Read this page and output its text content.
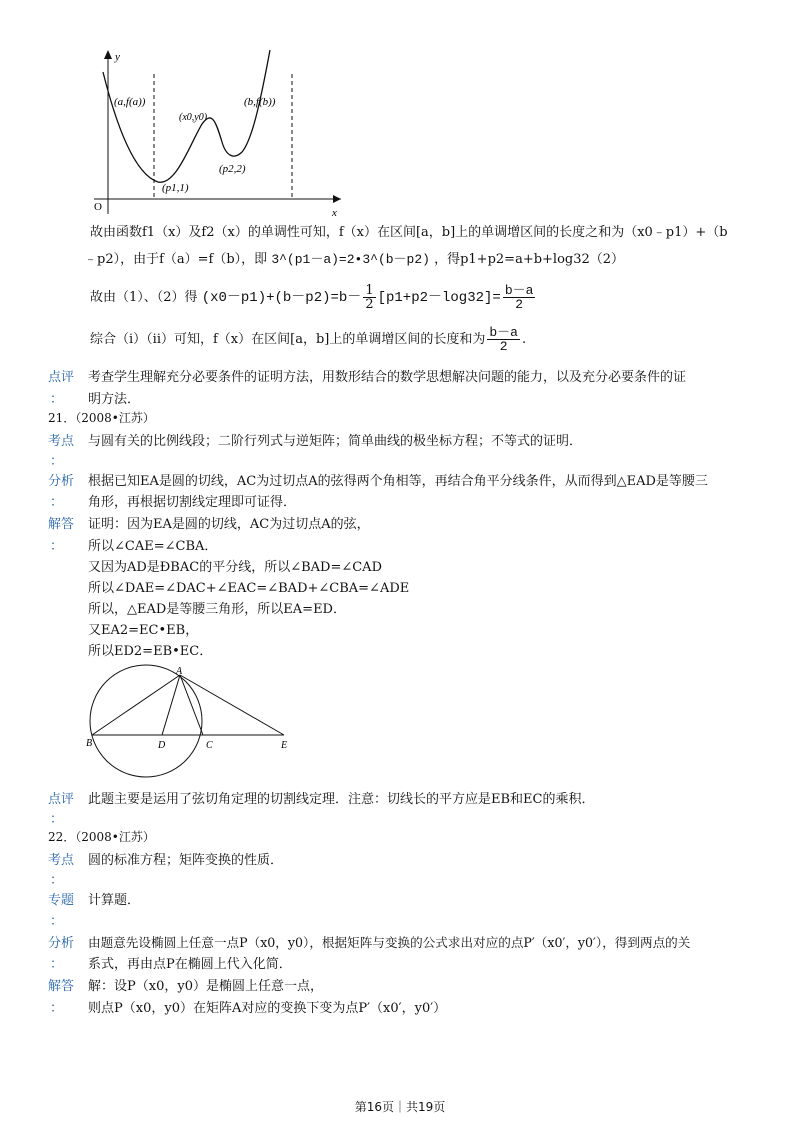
y
x
O
(a,f(a))
(x0,y0)
(b,f(b))
(p1,1)
(p2,2)
故由函数f1（x）及f2（x）的单调性可知，f（x）在区间[a，b]上的单调增区间的长度之和为（x0﹣p1）+（b
﹣p2），由于f（a）=f（b），即 3^(p1－a)=2•3^(b－p2) ，得p1+p2=a+b+log32（2）
故由（1）、（2）得 $(x0-p1)+(b-p2)=b- \frac{1}{2} [p1+p2-\log 32]= \frac{b-a}{2}$
综合（i）（ii）可知，f（x）在区间[a，b]上的单调增区间的长度和为 $\frac{b-a}{2}$ .
点评 考查学生理解充分必要条件的证明方法，用数形结合的数学思想解决问题的能力，以及充分必要条件的证
： 明方法．
21．（2008•江苏）
考点 与圆有关的比例线段；二阶行列式与逆矩阵；简单曲线的极坐标方程；不等式的证明．
：
分析 根据已知EA是圆的切线，AC为过切点A的弦得两个角相等，再结合角平分线条件，从而得到△EAD是等腰三
： 角形，再根据切割线定理即可证得．
解答
：
证明：因为EA是圆的切线，AC为过切点A的弦，
所以∠CAE=∠CBA．
又因为AD是ÐBAC的平分线，所以∠BAD=∠CAD
所以∠DAE=∠DAC+∠EAC=∠BAD+∠CBA=∠ADE
所以，△EAD是等腰三角形，所以EA=ED．
又EA2=EC•EB，
所以ED2=EB•EC．
A
B	D	C	E
点评 此题主要是运用了弦切角定理的切割线定理．注意：切线长的平方应是EB和EC的乘积．
：
22．（2008•江苏）
考点 圆的标准方程；矩阵变换的性质．
：
专题 计算题．
：
分析 由题意先设椭圆上任意一点P（x0，y0），根据矩阵与变换的公式求出对应的点P′（x0′，y0′），得到两点的关
： 系式，再由点P在椭圆上代入化简．
解答 解：设P（x0，y0）是椭圆上任意一点，
： 则点P（x0，y0）在矩阵A对应的变换下变为点P′（x0′，y0′）
第16页｜共19页
